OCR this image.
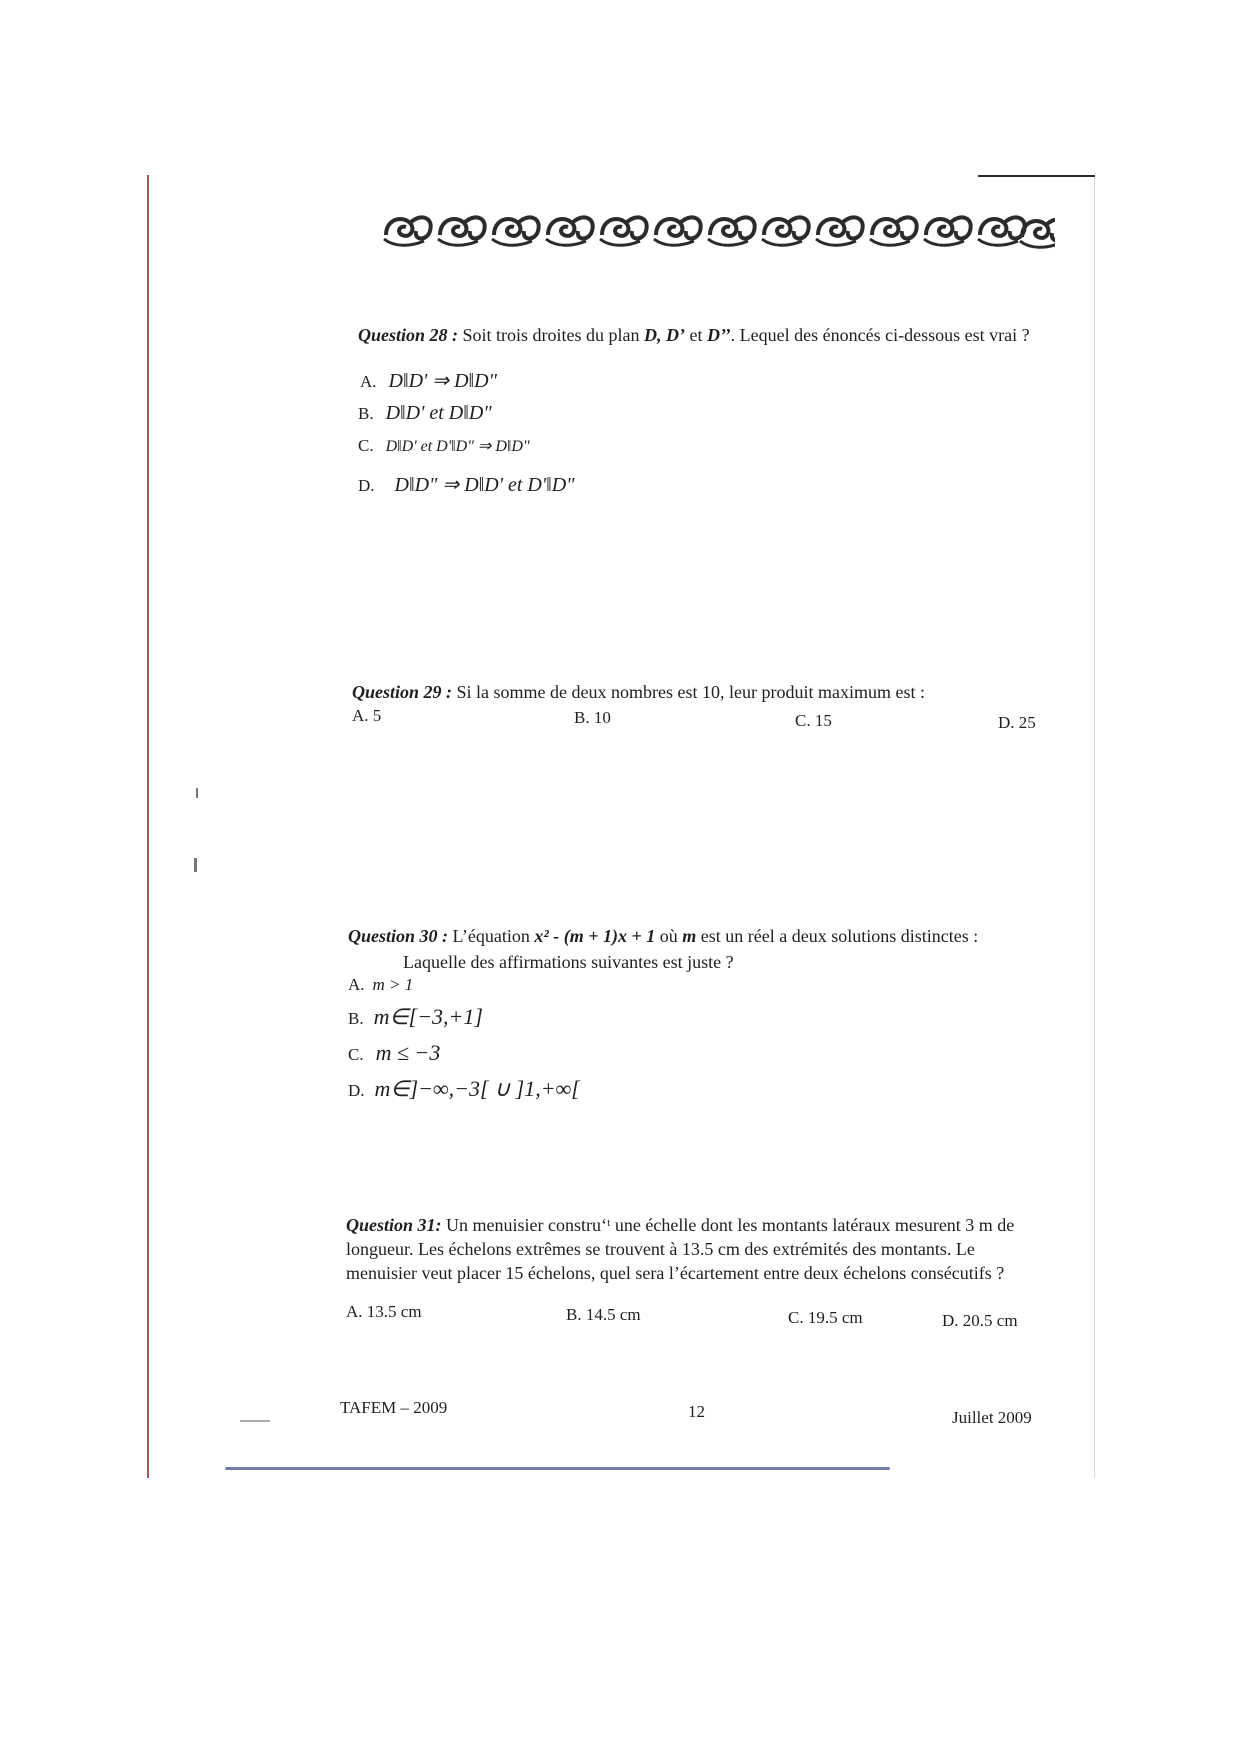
Question 28 : Soit trois droites du plan D, D’ et D’’. Lequel des énoncés ci-dessous est vrai ?
A. D‖D' ⇒ D‖D"
B. D‖D' et D‖D"
C. D‖D' et D'‖D" ⇒ D‖D"
D. D‖D" ⇒ D‖D' et D'‖D"
Question 29 : Si la somme de deux nombres est 10, leur produit maximum est :
A. 5	B. 10	C. 15	D. 25
Question 30 : L’équation x² - (m + 1)x + 1 où m est un réel a deux solutions distinctes :
Laquelle des affirmations suivantes est juste ?
A. m > 1
B. m∈[−3,+1]
C. m ≤ −3
D. m∈]−∞,−3[ ∪ ]1,+∞[
Question 31: Un menuisier constru‘ᵗ une échelle dont les montants latéraux mesurent 3 m de
longueur. Les échelons extrêmes se trouvent à 13.5 cm des extrémités des montants. Le
menuisier veut placer 15 échelons, quel sera l’écartement entre deux échelons consécutifs ?
A. 13.5 cm	B. 14.5 cm	C. 19.5 cm	D. 20.5 cm
TAFEM – 2009	12	Juillet 2009
